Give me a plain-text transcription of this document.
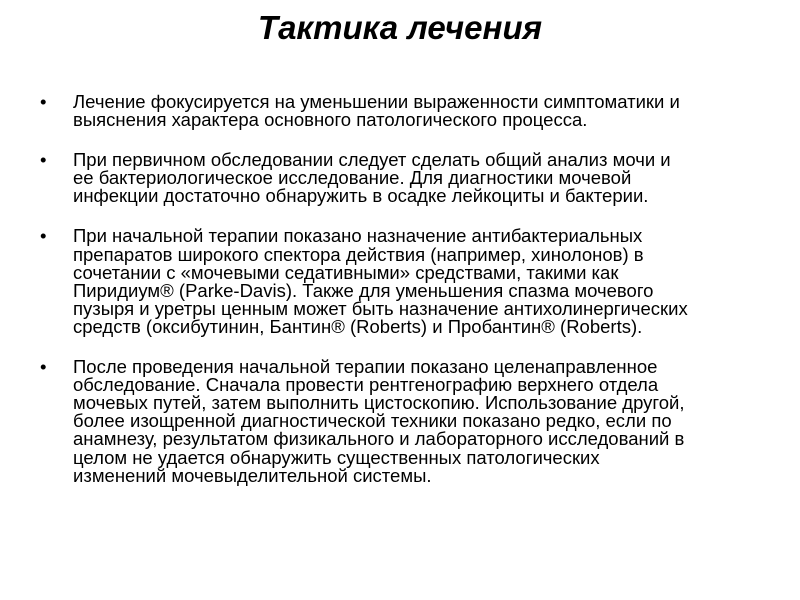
Тактика лечения
• Лечение фокусируется на уменьшении выраженности симптоматики и
выяснения характера основного патологического процесса.
• При первичном обследовании следует сделать общий анализ мочи и
ее бактериологическое исследование. Для диагностики мочевой
инфекции достаточно обнаружить в осадке лейкоциты и бактерии.
• При начальной терапии показано назначение антибактериальных
препаратов широкого спектора действия (например, хинолонов) в
сочетании с «мочевыми седативными» средствами, такими как
Пиридиум® (Parke-Davis). Также для уменьшения спазма мочевого
пузыря и уретры ценным может быть назначение антихолинергических
средств (оксибутинин, Бантин® (Roberts) и Пробантин® (Roberts).
• После проведения начальной терапии показано целенаправленное
обследование. Сначала провести рентгенографию верхнего отдела
мочевых путей, затем выполнить цистоскопию. Использование другой,
более изощренной диагностической техники показано редко, если по
анамнезу, результатом физикального и лабораторного исследований в
целом не удается обнаружить существенных патологических
изменений мочевыделительной системы.
